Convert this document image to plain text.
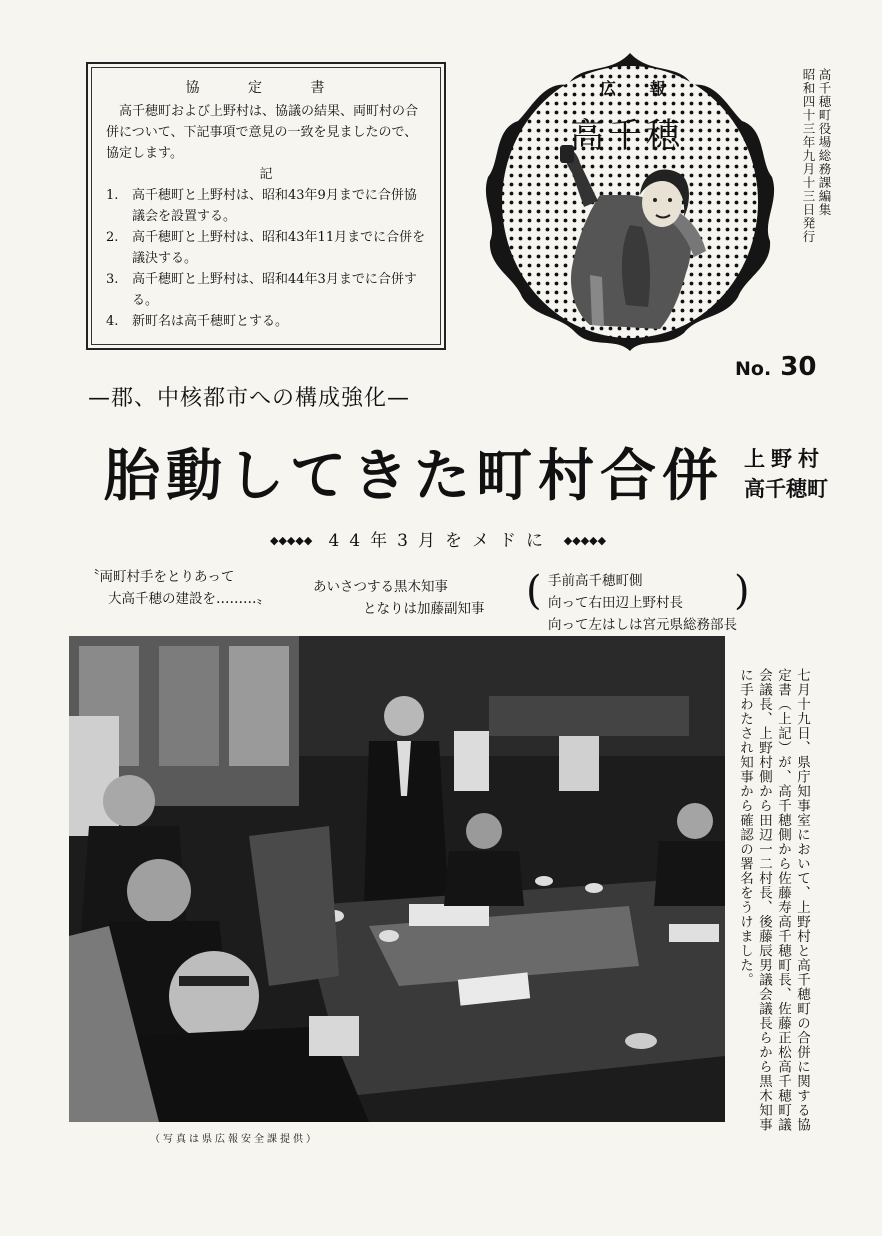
協 定 書
高千穂町および上野村は、協議の結果、両町村の合併について、下記事項で意見の一致を見ましたので、協定します。
記
1.	高千穂町と上野村は、昭和43年9月までに合併協議会を設置する。
2.	高千穂町と上野村は、昭和43年11月までに合併を議決する。
3.	高千穂町と上野村は、昭和44年3月までに合併する。
4.	新町名は高千穂町とする。
広 報
高千穂	高千穂町役場総務課編集
昭和四十三年九月十三日発行
No. 30
—郡、中核都市への構成強化—
胎動してきた町村合併 上野村
高千穂町
◆◆◆◆◆ 44年3月をメドに ◆◆◆◆◆
〝両町村手をとりあって
大高千穂の建設を………〟
あいさつする黒木知事
となりは加藤副知事 ( 手前高千穂町側
向って右田辺上野村長
向って左はしは宮元県総務部長
)
（写真は県広報安全課提供）
七月十九日、県庁知事室において、上野村と高千穂町の合併に関する協定書（上記）が、高千穂側から佐藤寿高千穂町長、佐藤正松高千穂町議会議長、上野村側から田辺一二村長、後藤辰男議会議長らから黒木知事に手わたされ知事から確認の署名をうけました。
